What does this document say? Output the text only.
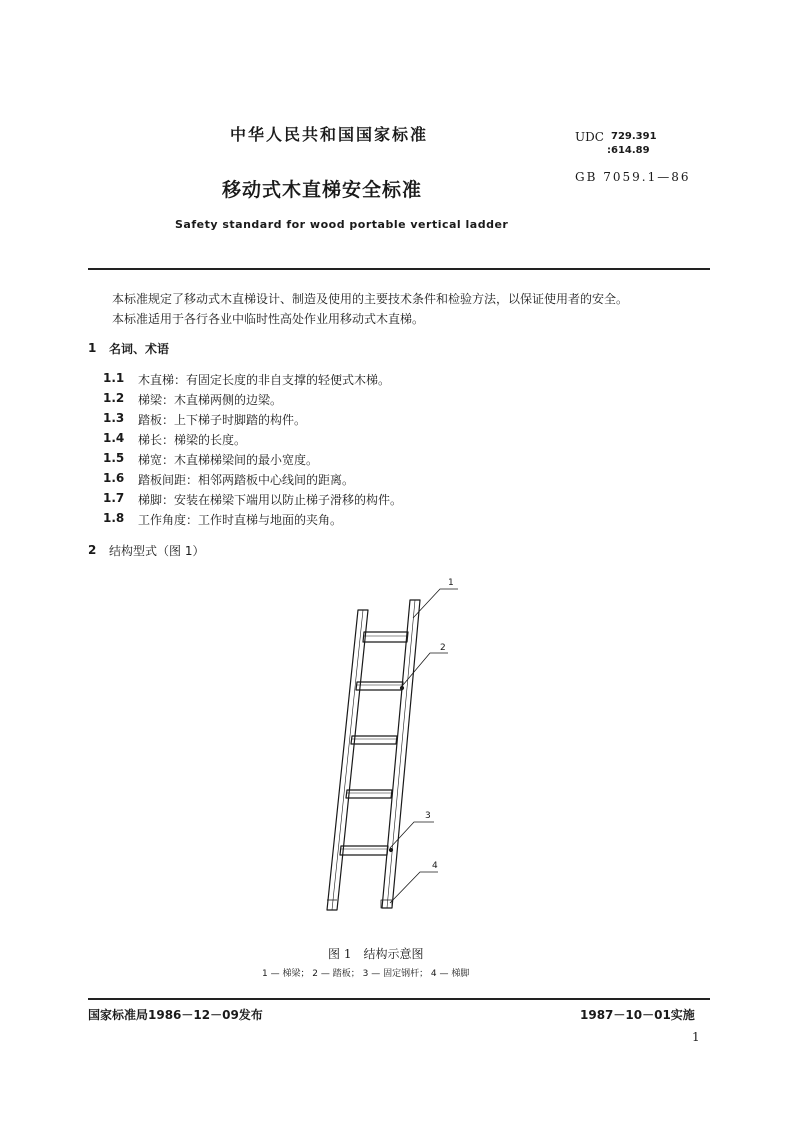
中华人民共和国国家标准
移动式木直梯安全标准
Safety standard for wood portable vertical ladder
UDC 729.391
:614.89
GB 7059.1—86
本标准规定了移动式木直梯设计、制造及使用的主要技术条件和检验方法，以保证使用者的安全。
本标准适用于各行各业中临时性高处作业用移动式木直梯。
1 名词、术语
1.1 木直梯：有固定长度的非自支撑的轻便式木梯。
1.2 梯梁：木直梯两侧的边梁。
1.3 踏板：上下梯子时脚踏的构件。
1.4 梯长：梯梁的长度。
1.5 梯宽：木直梯梯梁间的最小宽度。
1.6 踏板间距：相邻两踏板中心线间的距离。
1.7 梯脚：安装在梯梁下端用以防止梯子滑移的构件。
1.8 工作角度：工作时直梯与地面的夹角。
2 结构型式（图 1）
1
2
3
4
图 1　结构示意图
1 — 梯梁； 2 — 踏板； 3 — 固定钢杆； 4 — 梯脚
国家标准局1986－12－09发布	1987－10－01实施
1
